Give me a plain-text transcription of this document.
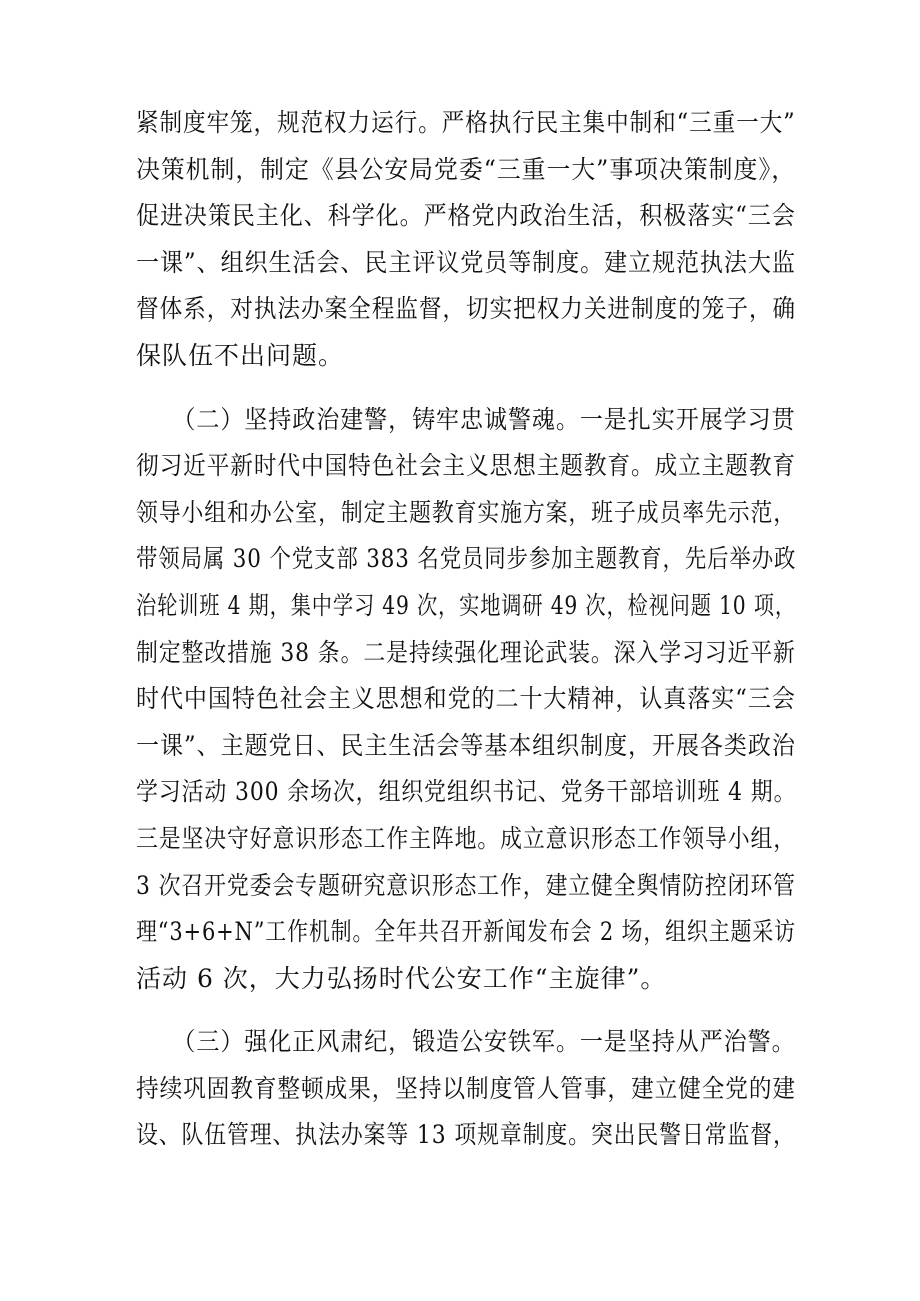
紧制度牢笼，规范权力运行。严格执行民主集中制和“三重一大”
决策机制，制定《县公安局党委“三重一大”事项决策制度》，
促进决策民主化、科学化。严格党内政治生活，积极落实“三会
一课”、组织生活会、民主评议党员等制度。建立规范执法大监
督体系，对执法办案全程监督，切实把权力关进制度的笼子，确
保队伍不出问题。

　　（二）坚持政治建警，铸牢忠诚警魂。一是扎实开展学习贯
彻习近平新时代中国特色社会主义思想主题教育。成立主题教育
领导小组和办公室，制定主题教育实施方案，班子成员率先示范，
带领局属 30 个党支部 383 名党员同步参加主题教育，先后举办政
治轮训班 4 期，集中学习 49 次，实地调研 49 次，检视问题 10 项，
制定整改措施 38 条。二是持续强化理论武装。深入学习习近平新
时代中国特色社会主义思想和党的二十大精神，认真落实“三会
一课”、主题党日、民主生活会等基本组织制度，开展各类政治
学习活动 300 余场次，组织党组织书记、党务干部培训班 4 期。
三是坚决守好意识形态工作主阵地。成立意识形态工作领导小组，
3 次召开党委会专题研究意识形态工作，建立健全舆情防控闭环管
理“3+6+N”工作机制。全年共召开新闻发布会 2 场，组织主题采访
活动 6 次，大力弘扬时代公安工作“主旋律”。

　　（三）强化正风肃纪，锻造公安铁军。一是坚持从严治警。
持续巩固教育整顿成果，坚持以制度管人管事，建立健全党的建
设、队伍管理、执法办案等 13 项规章制度。突出民警日常监督，
